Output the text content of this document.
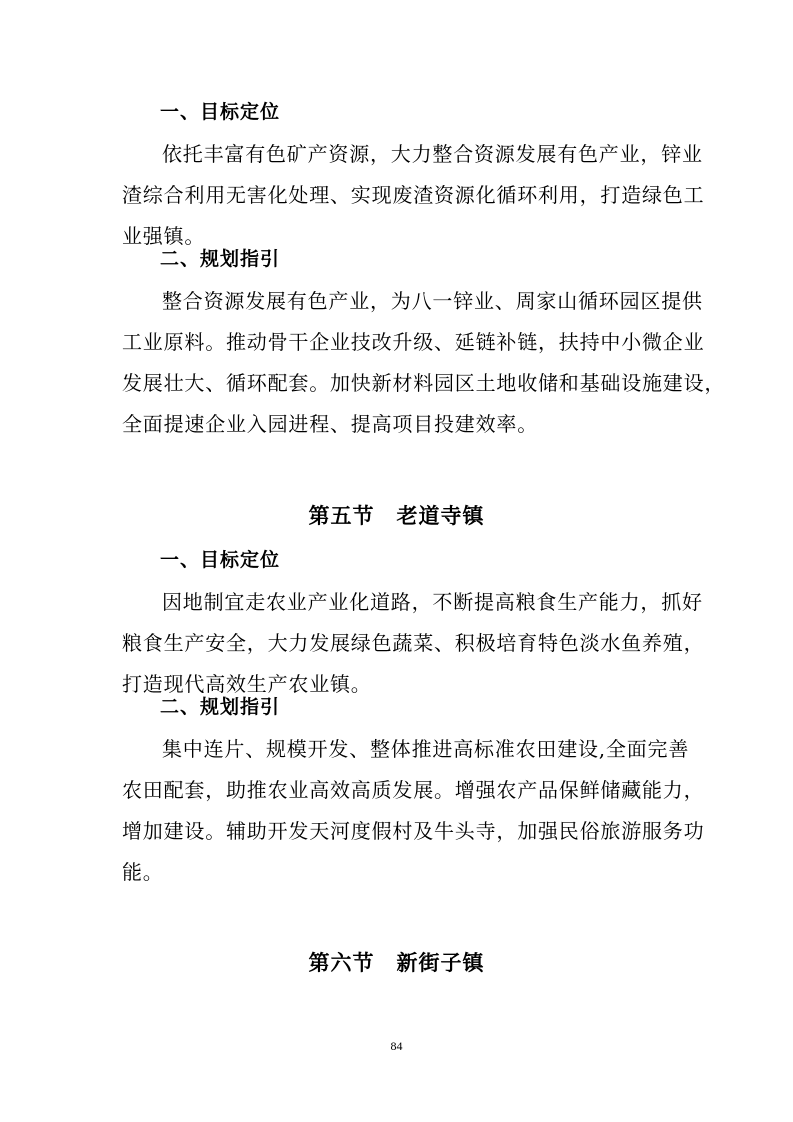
一、目标定位
依托丰富有色矿产资源，大力整合资源发展有色产业，锌业
渣综合利用无害化处理、实现废渣资源化循环利用，打造绿色工
业强镇。
二、规划指引
整合资源发展有色产业，为八一锌业、周家山循环园区提供
工业原料。推动骨干企业技改升级、延链补链，扶持中小微企业
发展壮大、循环配套。加快新材料园区土地收储和基础设施建设，
全面提速企业入园进程、提高项目投建效率。
第五节　老道寺镇
一、目标定位
因地制宜走农业产业化道路，不断提高粮食生产能力，抓好
粮食生产安全，大力发展绿色蔬菜、积极培育特色淡水鱼养殖，
打造现代高效生产农业镇。
二、规划指引
集中连片、规模开发、整体推进高标准农田建设,全面完善
农田配套，助推农业高效高质发展。增强农产品保鲜储藏能力，
增加建设。辅助开发天河度假村及牛头寺，加强民俗旅游服务功
能。
第六节　新街子镇
84
